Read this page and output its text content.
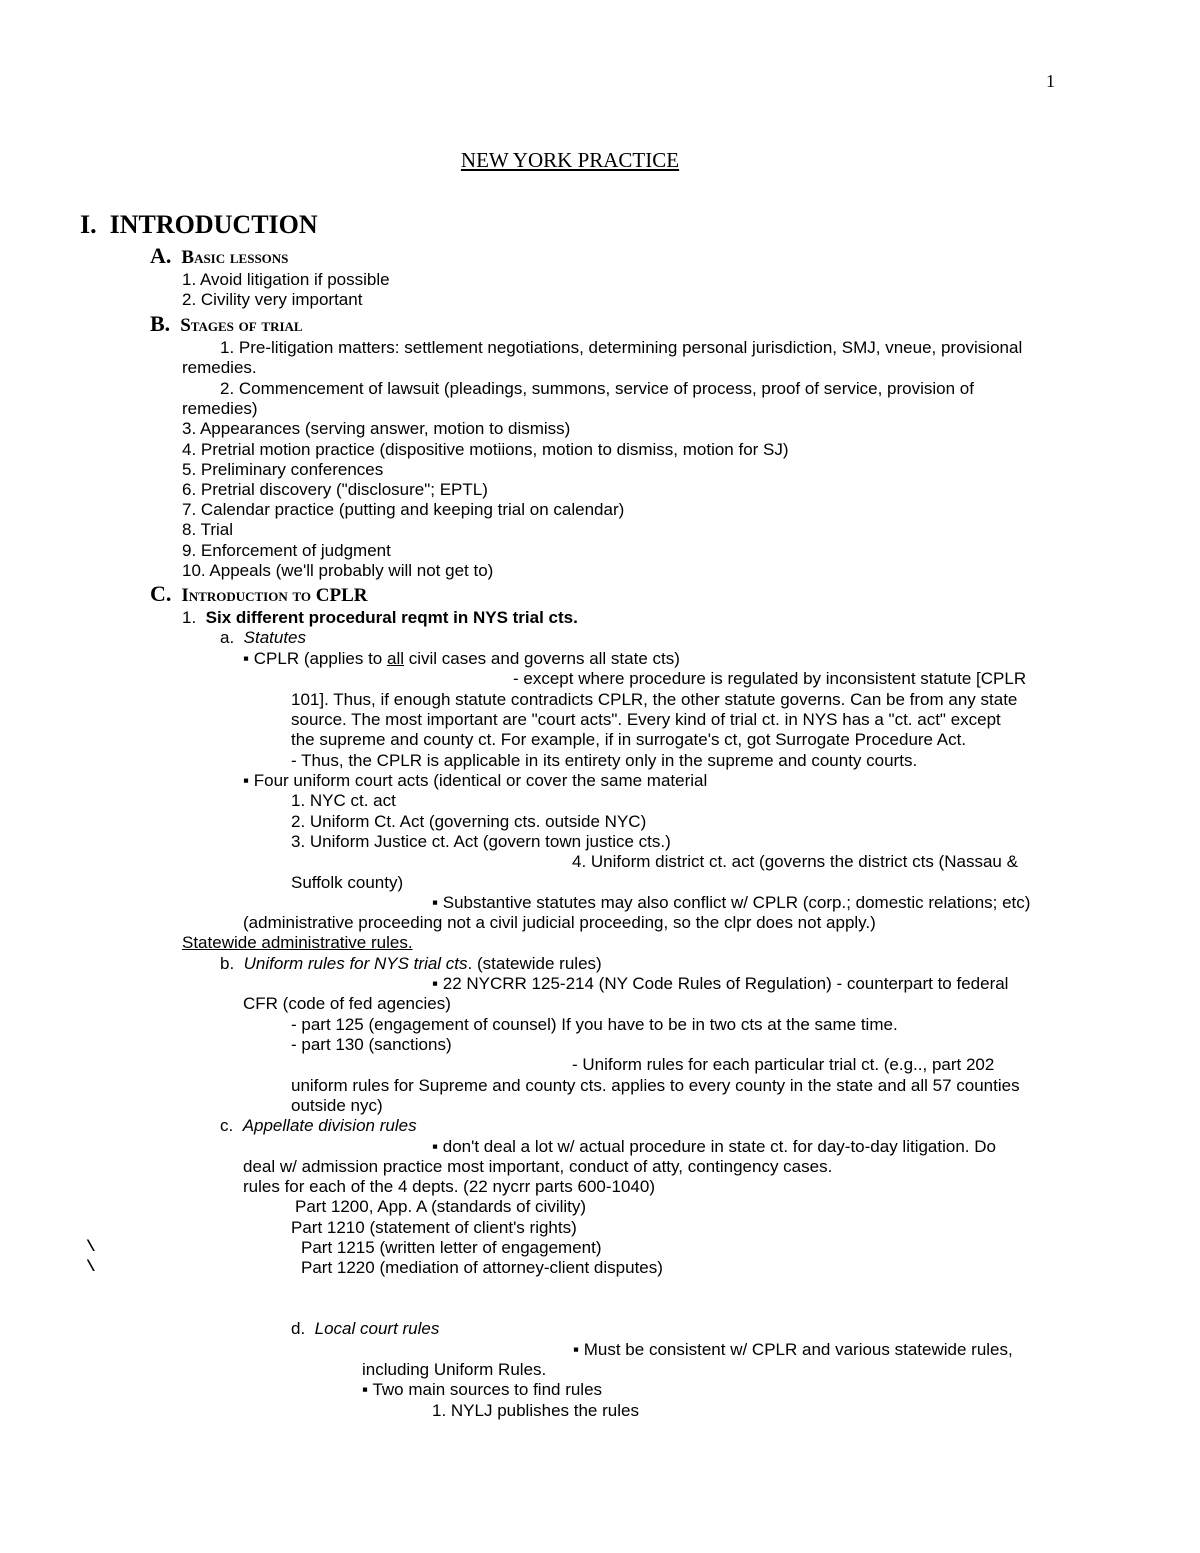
1
NEW YORK PRACTICE
I. INTRODUCTION
A. Basic lessons
1. Avoid litigation if possible
2. Civility very important
B. Stages of trial
1. Pre-litigation matters: settlement negotiations, determining personal jurisdiction, SMJ, vneue, provisional
remedies.
2. Commencement of lawsuit (pleadings, summons, service of process, proof of service, provision of
remedies)
3. Appearances (serving answer, motion to dismiss)
4. Pretrial motion practice (dispositive motiions, motion to dismiss, motion for SJ)
5. Preliminary conferences
6. Pretrial discovery ("disclosure"; EPTL)
7. Calendar practice (putting and keeping trial on calendar)
8. Trial
9. Enforcement of judgment
10. Appeals (we'll probably will not get to)
C. Introduction to CPLR
1. Six different procedural reqmt in NYS trial cts.
a. Statutes
▪ CPLR (applies to all civil cases and governs all state cts)
- except where procedure is regulated by inconsistent statute [CPLR
101]. Thus, if enough statute contradicts CPLR, the other statute governs. Can be from any state
source. The most important are "court acts". Every kind of trial ct. in NYS has a "ct. act" except
the supreme and county ct. For example, if in surrogate's ct, got Surrogate Procedure Act.
- Thus, the CPLR is applicable in its entirety only in the supreme and county courts.
▪ Four uniform court acts (identical or cover the same material
1. NYC ct. act
2. Uniform Ct. Act (governing cts. outside NYC)
3. Uniform Justice ct. Act (govern town justice cts.)
4. Uniform district ct. act (governs the district cts (Nassau &
Suffolk county)
▪ Substantive statutes may also conflict w/ CPLR (corp.; domestic relations; etc)
(administrative proceeding not a civil judicial proceeding, so the clpr does not apply.)
Statewide administrative rules.
b. Uniform rules for NYS trial cts. (statewide rules)
▪ 22 NYCRR 125-214 (NY Code Rules of Regulation) - counterpart to federal
CFR (code of fed agencies)
- part 125 (engagement of counsel) If you have to be in two cts at the same time.
- part 130 (sanctions)
- Uniform rules for each particular trial ct. (e.g.., part 202
uniform rules for Supreme and county cts. applies to every county in the state and all 57 counties
outside nyc)
c. Appellate division rules
▪ don't deal a lot w/ actual procedure in state ct. for day-to-day litigation. Do
deal w/ admission practice most important, conduct of atty, contingency cases.
rules for each of the 4 depts. (22 nycrr parts 600-1040)
Part 1200, App. A (standards of civility)
Part 1210 (statement of client's rights)
\	Part 1215 (written letter of engagement)
\	Part 1220 (mediation of attorney-client disputes)
d. Local court rules
▪ Must be consistent w/ CPLR and various statewide rules,
including Uniform Rules.
▪ Two main sources to find rules
1. NYLJ publishes the rules
